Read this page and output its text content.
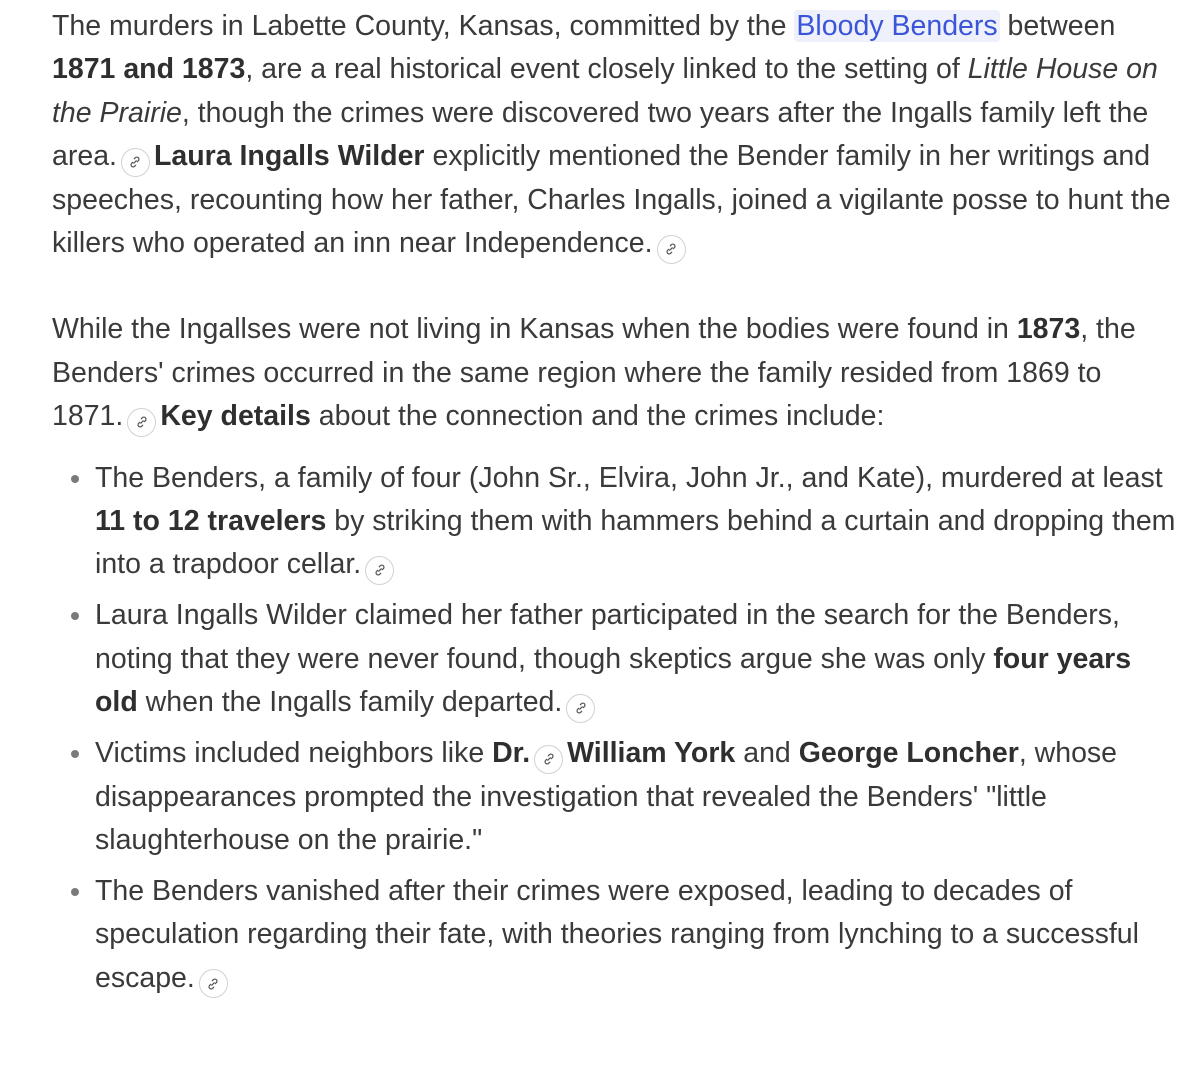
The murders in Labette County, Kansas, committed by the Bloody Benders between 1871 and 1873, are a real historical event closely linked to the setting of Little House on the Prairie, though the crimes were discovered two years after the Ingalls family left the area. Laura Ingalls Wilder explicitly mentioned the Bender family in her writings and speeches, recounting how her father, Charles Ingalls, joined a vigilante posse to hunt the killers who operated an inn near Independence.

While the Ingallses were not living in Kansas when the bodies were found in 1873, the Benders' crimes occurred in the same region where the family resided from 1869 to 1871. Key details about the connection and the crimes include:

The Benders, a family of four (John Sr., Elvira, John Jr., and Kate), murdered at least 11 to 12 travelers by striking them with hammers behind a curtain and dropping them into a trapdoor cellar.
Laura Ingalls Wilder claimed her father participated in the search for the Benders, noting that they were never found, though skeptics argue she was only four years old when the Ingalls family departed.
Victims included neighbors like Dr. William York and George Loncher, whose disappearances prompted the investigation that revealed the Benders' "little slaughterhouse on the prairie."
The Benders vanished after their crimes were exposed, leading to decades of speculation regarding their fate, with theories ranging from lynching to a successful escape.
